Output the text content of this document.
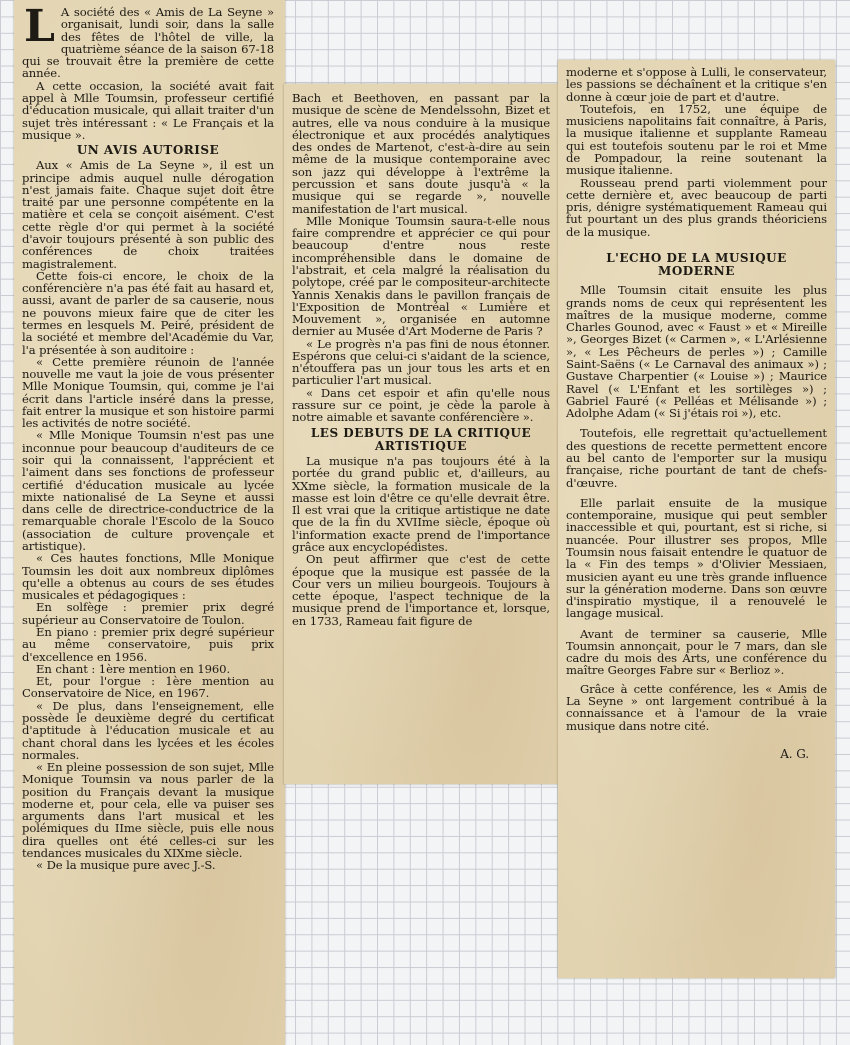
L A société des « Amis de La Seyne » organisait, lundi soir, dans la salle des fêtes de l'hôtel de ville, la quatrième séance de la saison 67-18 qui se trouvait être la première de cette année.

A cette occasion, la société avait fait appel à Mlle Toumsin, professeur certifié d'éducation musicale, qui allait traiter d'un sujet très intéressant : « Le Français et la musique ».

UN AVIS AUTORISE

Aux « Amis de La Seyne », il est un principe admis auquel nulle dérogation n'est jamais faite. Chaque sujet doit être traité par une personne compétente en la matière et cela se conçoit aisément. C'est cette règle d'or qui permet à la société d'avoir toujours présenté à son public des conférences de choix traitées magistralement.

Cette fois-ci encore, le choix de la conférencière n'a pas été fait au hasard et, aussi, avant de parler de sa causerie, nous ne pouvons mieux faire que de citer les termes en lesquels M. Peiré, président de la société et membre del'Académie du Var, l'a présentée à son auditoire :

« Cette première réunoin de l'année nouvelle me vaut la joie de vous présenter Mlle Monique Toumsin, qui, comme je l'ai écrit dans l'article inséré dans la presse, fait entrer la musique et son histoire parmi les activités de notre société.

« Mlle Monique Toumsin n'est pas une inconnue pour beaucoup d'auditeurs de ce soir qui la connaissent, l'apprécient et l'aiment dans ses fonctions de professeur certifié d'éducation musicale au lycée mixte nationalisé de La Seyne et aussi dans celle de directrice-conductrice de la remarquable chorale l'Escolo de la Souco (association de culture provençale et artistique).

« Ces hautes fonctions, Mlle Monique Toumsin les doit aux nombreux diplômes qu'elle a obtenus au cours de ses études musicales et pédagogiques :

En solfège : premier prix degré supérieur au Conservatoire de Toulon.

En piano : premier prix degré supérieur au même conservatoire, puis prix d'excellence en 1956.

En chant : 1ère mention en 1960.

Et, pour l'orgue : 1ère mention au Conservatoire de Nice, en 1967.

« De plus, dans l'enseignement, elle possède le deuxième degré du certificat d'aptitude à l'éducation musicale et au chant choral dans les lycées et les écoles normales.

« En pleine possession de son sujet, Mlle Monique Toumsin va nous parler de la position du Français devant la musique moderne et, pour cela, elle va puiser ses arguments dans l'art musical et les polémiques du IIme siècle, puis elle nous dira quelles ont été celles-ci sur les tendances musicales du XIXme siècle.

« De la musique pure avec J.-S.

Bach et Beethoven, en passant par la musique de scène de Mendelssohn, Bizet et autres, elle va nous conduire à la musique électronique et aux procédés analytiques des ondes de Martenot, c'est-à-dire au sein même de la musique contemporaine avec son jazz qui développe à l'extrême la percussion et sans doute jusqu'à « la musique qui se regarde », nouvelle manifestation de l'art musical.

Mlle Monique Toumsin saura-t-elle nous faire comprendre et apprécier ce qui pour beaucoup d'entre nous reste incompréhensible dans le domaine de l'abstrait, et cela malgré la réalisation du polytope, créé par le compositeur-architecte Yannis Xenakis dans le pavillon français de l'Exposition de Montréal « Lumière et Mouvement », organisée en automne dernier au Musée d'Art Moderne de Paris ?

« Le progrès n'a pas fini de nous étonner. Espérons que celui-ci s'aidant de la science, n'étouffera pas un jour tous les arts et en particulier l'art musical.

« Dans cet espoir et afin qu'elle nous rassure sur ce point, je cède la parole à notre aimable et savante conférencière ».

LES DEBUTS DE LA CRITIQUE ARTISTIQUE

La musique n'a pas toujours été à la portée du grand public et, d'ailleurs, au XXme siècle, la formation musicale de la masse est loin d'être ce qu'elle devrait être. Il est vrai que la critique artistique ne date que de la fin du XVIIme siècle, époque où l'information exacte prend de l'importance grâce aux encyclopédistes.

On peut affirmer que c'est de cette époque que la musique est passée de la Cour vers un milieu bourgeois. Toujours à cette époque, l'aspect technique de la musique prend de l'importance et, lorsque, en 1733, Rameau fait figure de

moderne et s'oppose à Lulli, le conservateur, les passions se déchaînent et la critique s'en donne à cœur joie de part et d'autre.

Toutefois, en 1752, une équipe de musiciens napolitains fait connaître, à Paris, la musique italienne et supplante Rameau qui est toutefois soutenu par le roi et Mme de Pompadour, la reine soutenant la musique italienne.

Rousseau prend parti violemment pour cette dernière et, avec beaucoup de parti pris, dénigre systématiquement Rameau qui fut pourtant un des plus grands théoriciens de la musique.

L'ECHO DE LA MUSIQUE MODERNE

Mlle Toumsin citait ensuite les plus grands noms de ceux qui représentent les maîtres de la musique moderne, comme Charles Gounod, avec « Faust » et « Mireille », Georges Bizet (« Carmen », « L'Arlésienne », « Les Pêcheurs de perles ») ; Camille Saint-Saëns (« Le Carnaval des animaux ») ; Gustave Charpentier (« Louise ») ; Maurice Ravel (« L'Enfant et les sortilèges ») ; Gabriel Fauré (« Pelléas et Mélisande ») ; Adolphe Adam (« Si j'étais roi »), etc.

Toutefois, elle regrettait qu'actuellement des questions de recette permettent encore au bel canto de l'emporter sur la musiqu française, riche pourtant de tant de chefs-d'œuvre.

Elle parlait ensuite de la musique contemporaine, musique qui peut sembler inaccessible et qui, pourtant, est si riche, si nuancée. Pour illustrer ses propos, Mlle Toumsin nous faisait entendre le quatuor de la « Fin des temps » d'Olivier Messiaen, musicien ayant eu une très grande influence sur la génération moderne. Dans son œuvre d'inspiratio mystique, il a renouvelé le langage musical.

Avant de terminer sa causerie, Mlle Toumsin annonçait, pour le 7 mars, dan sle cadre du mois des Arts, une conférence du maître Georges Fabre sur « Berlioz ».

Grâce à cette conférence, les « Amis de La Seyne » ont largement contribué à la connaissance et à l'amour de la vraie musique dans notre cité.

A. G.
